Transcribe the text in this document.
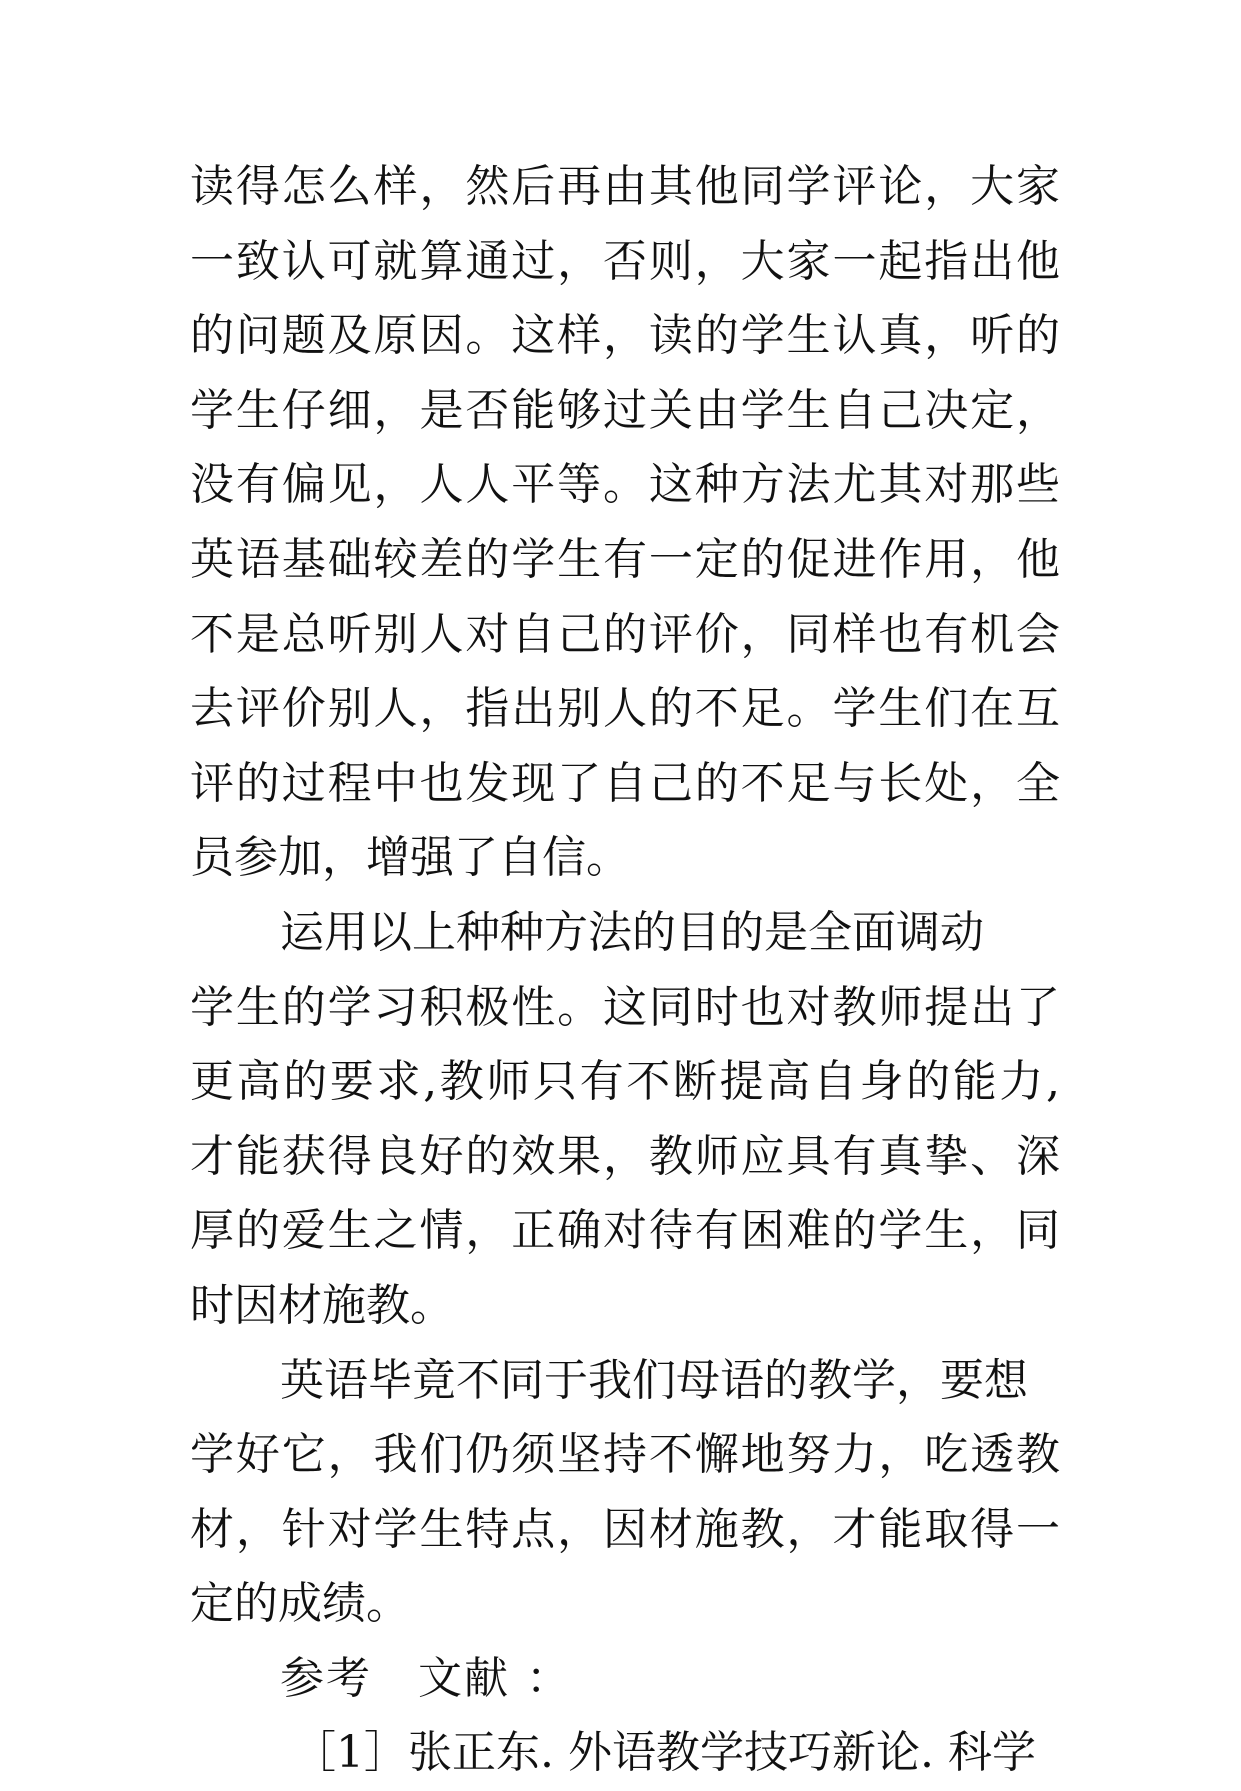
读得怎么样，然后再由其他同学评论，大家
一致认可就算通过，否则，大家一起指出他
的问题及原因。这样，读的学生认真，听的
学生仔细，是否能够过关由学生自己决定，
没有偏见，人人平等。这种方法尤其对那些
英语基础较差的学生有一定的促进作用，他
不是总听别人对自己的评价，同样也有机会
去评价别人，指出别人的不足。学生们在互
评的过程中也发现了自己的不足与长处，全
员参加，增强了自信。
运用以上种种方法的目的是全面调动
学生的学习积极性。这同时也对教师提出了
更高的要求,教师只有不断提高自身的能力,
才能获得良好的效果，教师应具有真挚、深
厚的爱生之情，正确对待有困难的学生，同
时因材施教。
英语毕竟不同于我们母语的教学，要想
学好它，我们仍须坚持不懈地努力，吃透教
材，针对学生特点，因材施教，才能取得一
定的成绩。
参考　文献 ：
［1］张正东. 外语教学技巧新论. 科学
